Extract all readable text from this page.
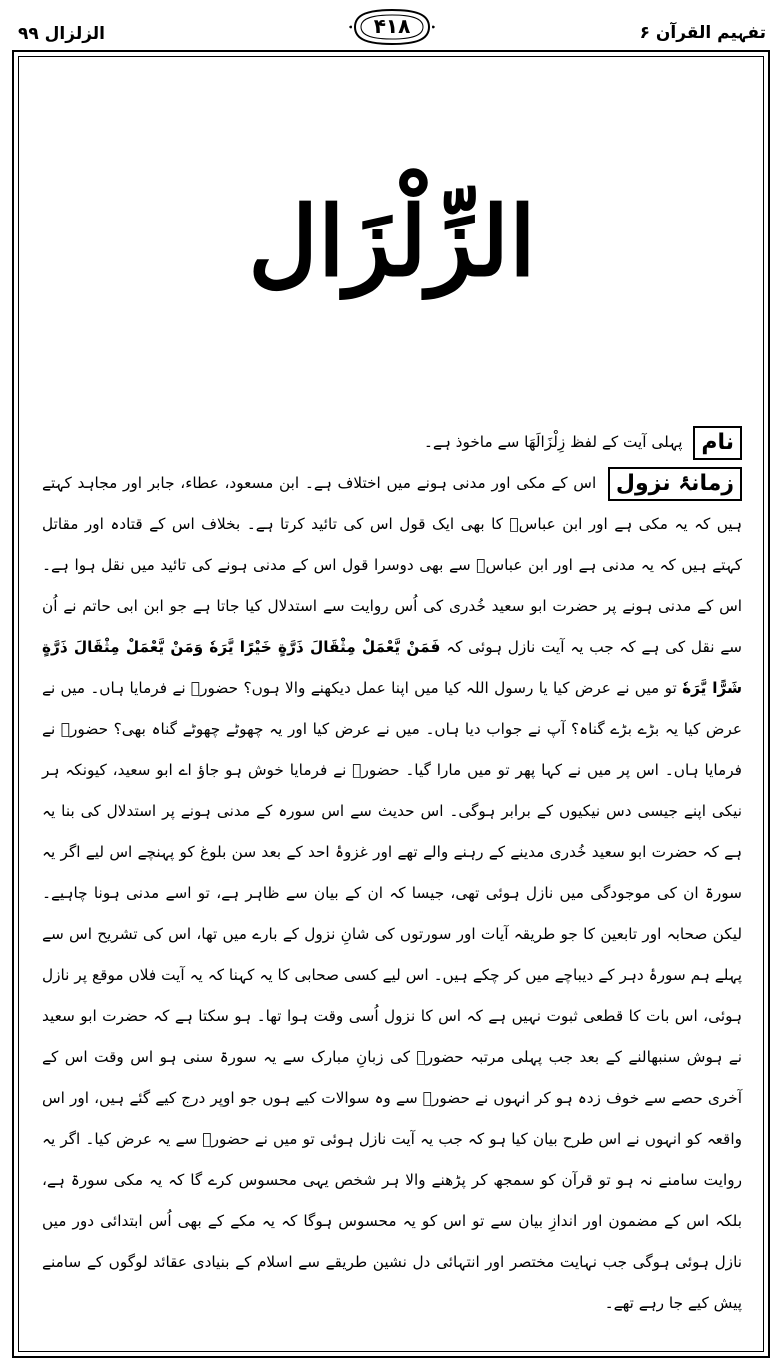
الزلزال ۹۹	۴۱۸	تفہیم القرآن ۶
الزِّلْزَال

نام پہلی آیت کے لفظ زِلْزَالَهَا سے ماخوذ ہے۔

زمانۂ نزول اس کے مکی اور مدنی ہونے میں اختلاف ہے۔ ابن مسعود، عطاء، جابر اور مجاہد کہتے ہیں کہ یہ مکی ہے اور ابن عباسؓ کا بھی ایک قول اس کی تائید کرتا ہے۔ بخلاف اس کے قتادہ اور مقاتل کہتے ہیں کہ یہ مدنی ہے اور ابن عباسؓ سے بھی دوسرا قول اس کے مدنی ہونے کی تائید میں نقل ہوا ہے۔ اس کے مدنی ہونے پر حضرت ابو سعید خُدری کی اُس روایت سے استدلال کیا جاتا ہے جو ابن ابی حاتم نے اُن سے نقل کی ہے کہ جب یہ آیت نازل ہوئی کہ فَمَنْ يَّعْمَلْ مِثْقَالَ ذَرَّةٍ خَيْرًا يَّرَهٗ وَمَنْ يَّعْمَلْ مِثْقَالَ ذَرَّةٍ شَرًّا يَّرَهٗ تو میں نے عرض کیا یا رسول اللہ کیا میں اپنا عمل دیکھنے والا ہوں؟ حضورؐ نے فرمایا ہاں۔ میں نے عرض کیا یہ بڑے بڑے گناہ؟ آپ نے جواب دیا ہاں۔ میں نے عرض کیا اور یہ چھوٹے چھوٹے گناہ بھی؟ حضورؐ نے فرمایا ہاں۔ اس پر میں نے کہا پھر تو میں مارا گیا۔ حضورؐ نے فرمایا خوش ہو جاؤ اے ابو سعید، کیونکہ ہر نیکی اپنے جیسی دس نیکیوں کے برابر ہوگی۔ اس حدیث سے اس سورہ کے مدنی ہونے پر استدلال کی بنا یہ ہے کہ حضرت ابو سعید خُدری مدینے کے رہنے والے تھے اور غزوۂ احد کے بعد سن بلوغ کو پہنچے اس لیے اگر یہ سورۃ ان کی موجودگی میں نازل ہوئی تھی، جیسا کہ ان کے بیان سے ظاہر ہے، تو اسے مدنی ہونا چاہیے۔ لیکن صحابہ اور تابعین کا جو طریقہ آیات اور سورتوں کی شانِ نزول کے بارے میں تھا، اس کی تشریح اس سے پہلے ہم سورۂ دہر کے دیباچے میں کر چکے ہیں۔ اس لیے کسی صحابی کا یہ کہنا کہ یہ آیت فلاں موقع پر نازل ہوئی، اس بات کا قطعی ثبوت نہیں ہے کہ اس کا نزول اُسی وقت ہوا تھا۔ ہو سکتا ہے کہ حضرت ابو سعید نے ہوش سنبھالنے کے بعد جب پہلی مرتبہ حضورؐ کی زبانِ مبارک سے یہ سورۃ سنی ہو اس وقت اس کے آخری حصے سے خوف زدہ ہو کر انہوں نے حضورؐ سے وہ سوالات کیے ہوں جو اوپر درج کیے گئے ہیں، اور اس واقعہ کو انہوں نے اس طرح بیان کیا ہو کہ جب یہ آیت نازل ہوئی تو میں نے حضورؐ سے یہ عرض کیا۔ اگر یہ روایت سامنے نہ ہو تو قرآن کو سمجھ کر پڑھنے والا ہر شخص یہی محسوس کرے گا کہ یہ مکی سورۃ ہے، بلکہ اس کے مضمون اور اندازِ بیان سے تو اس کو یہ محسوس ہوگا کہ یہ مکے کے بھی اُس ابتدائی دور میں نازل ہوئی ہوگی جب نہایت مختصر اور انتہائی دل نشین طریقے سے اسلام کے بنیادی عقائد لوگوں کے سامنے پیش کیے جا رہے تھے۔
